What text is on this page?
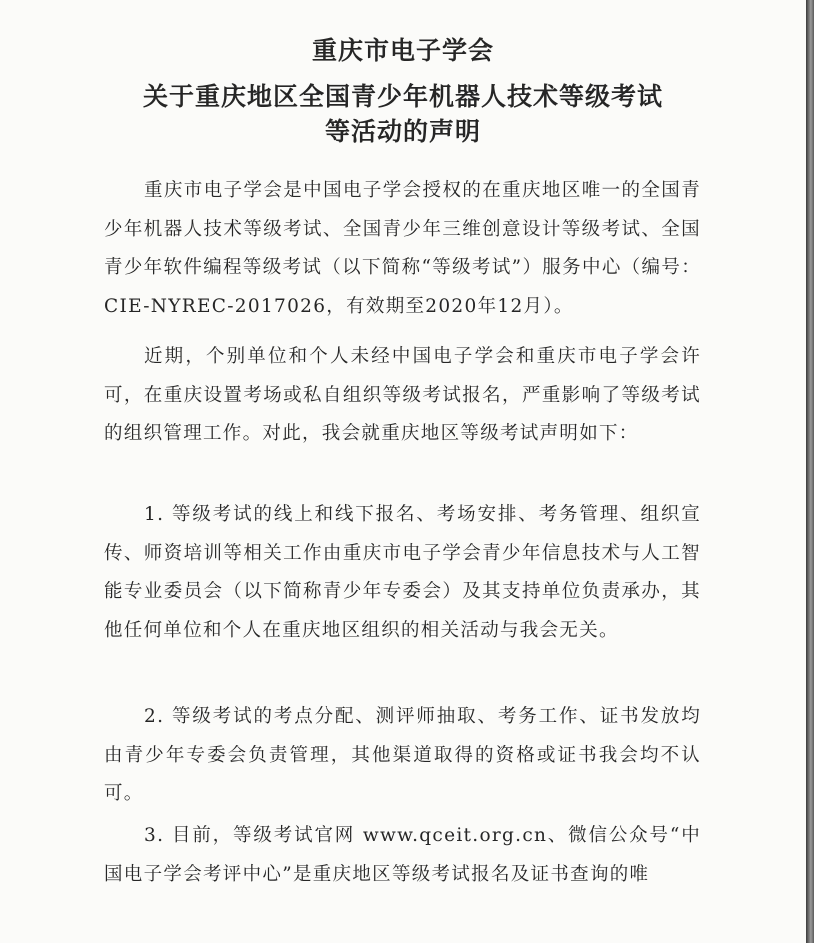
重庆市电子学会
关于重庆地区全国青少年机器人技术等级考试
等活动的声明

重庆市电子学会是中国电子学会授权的在重庆地区唯一的全国青少年机器人技术等级考试、全国青少年三维创意设计等级考试、全国青少年软件编程等级考试（以下简称“等级考试”）服务中心（编号：CIE-NYREC-2017026，有效期至2020年12月）。

近期，个别单位和个人未经中国电子学会和重庆市电子学会许可，在重庆设置考场或私自组织等级考试报名，严重影响了等级考试的组织管理工作。对此，我会就重庆地区等级考试声明如下：

1. 等级考试的线上和线下报名、考场安排、考务管理、组织宣传、师资培训等相关工作由重庆市电子学会青少年信息技术与人工智能专业委员会（以下简称青少年专委会）及其支持单位负责承办，其他任何单位和个人在重庆地区组织的相关活动与我会无关。

2. 等级考试的考点分配、测评师抽取、考务工作、证书发放均由青少年专委会负责管理，其他渠道取得的资格或证书我会均不认可。

3. 目前，等级考试官网 www.qceit.org.cn、微信公众号“中国电子学会考评中心”是重庆地区等级考试报名及证书查询的唯
